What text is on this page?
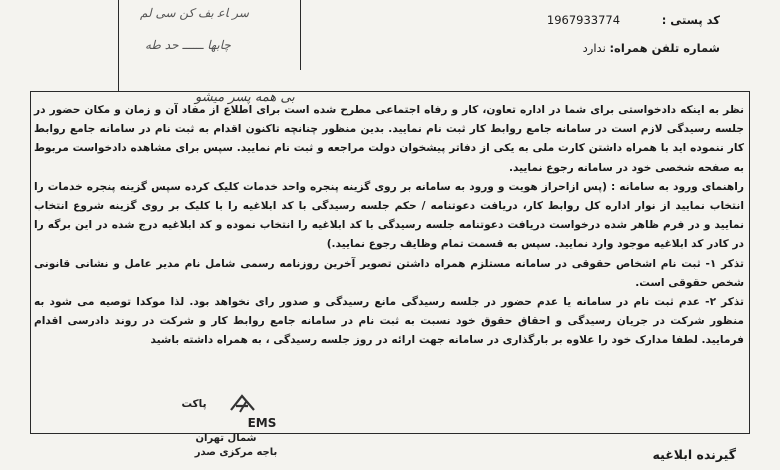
ﺳﺮ ﺎﻋ ﺑﻒ ﮐﻦ ﺳﯽ ﻟﻢ
ﭼﺎﺑﻬﺎ ــــــ ﺣﺪ ﻃﻪ
ﺑﯽ ﻫﻤﻪ ﭘﺴﺮ ﻣﯿﺸﻮ
کد پستی : 1967933774
شماره تلفن همراه: ندارد

نظر به اینکه دادخواستی برای شما در اداره تعاون، کار و رفاه اجتماعی مطرح شده است برای اطلاع از مفاد آن و زمان و مکان حضور در جلسه رسیدگی لازم است در سامانه جامع روابط کار ثبت نام نمایید. بدین منظور چنانچه تاکنون اقدام به ثبت نام در سامانه جامع روابط کار ننموده اید با همراه داشتن کارت ملی به یکی از دفاتر پیشخوان دولت مراجعه و ثبت نام نمایید. سپس برای مشاهده دادخواست مربوط به صفحه شخصی خود در سامانه رجوع نمایید.

راهنمای ورود به سامانه : (پس ازاحراز هویت و ورود به سامانه بر روی گزینه پنجره واحد خدمات کلیک کرده سپس گزینه پنجره خدمات را انتخاب نمایید از نوار اداره کل روابط کار، دریافت دعوتنامه / حکم جلسه رسیدگی با کد ابلاغیه را با کلیک بر روی گزینه شروع انتخاب نمایید و در فرم ظاهر شده درخواست دریافت دعوتنامه جلسه رسیدگی با کد ابلاغیه را انتخاب نموده و کد ابلاغیه درج شده در این برگه را در کادر کد ابلاغیه موجود وارد نمایید. سپس به قسمت تمام وظایف رجوع نمایید.)

تذکر ۱- ثبت نام اشخاص حقوقی در سامانه مستلزم همراه داشتن تصویر آخرین روزنامه رسمی شامل نام مدیر عامل و نشانی قانونی شخص حقوقی است.

تذکر ۲- عدم ثبت نام در سامانه یا عدم حضور در جلسه رسیدگی مانع رسیدگی و صدور رای نخواهد بود. لذا موکدا توصیه می شود به منظور شرکت در جریان رسیدگی و احقاق حقوق خود نسبت به ثبت نام در سامانه جامع روابط کار و شرکت در روند دادرسی اقدام فرمایید. لطفا مدارک خود را علاوه بر بارگذاری در سامانه جهت ارائه در روز جلسه رسیدگی ، به همراه داشته باشید

پاکت
EMS
شمال تهران
باجه مرکزی صدر	گیرنده ابلاغیه
